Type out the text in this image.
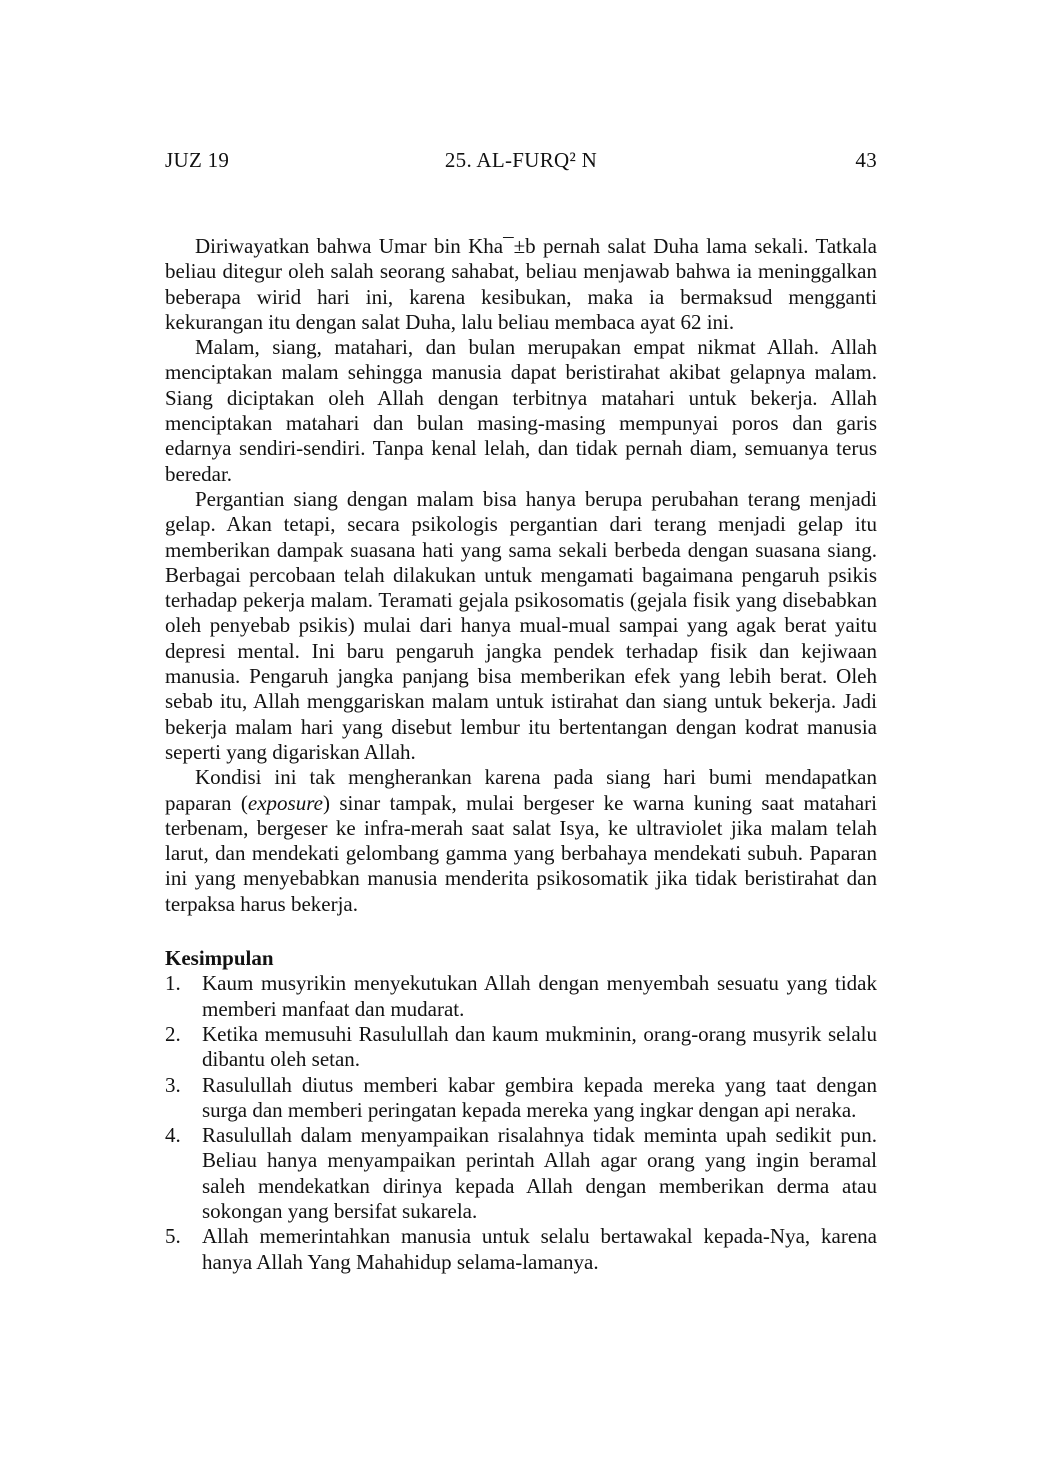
JUZ 19	25. AL-FURQ² N	43

Diriwayatkan bahwa Umar bin Kha¯±b pernah salat Duha lama sekali. Tatkala beliau ditegur oleh salah seorang sahabat, beliau menjawab bahwa ia meninggalkan beberapa wirid hari ini, karena kesibukan, maka ia bermaksud mengganti kekurangan itu dengan salat Duha, lalu beliau membaca ayat 62 ini.

Malam, siang, matahari, dan bulan merupakan empat nikmat Allah. Allah menciptakan malam sehingga manusia dapat beristirahat akibat gelapnya malam. Siang diciptakan oleh Allah dengan terbitnya matahari untuk bekerja. Allah menciptakan matahari dan bulan masing-masing mempunyai poros dan garis edarnya sendiri-sendiri. Tanpa kenal lelah, dan tidak pernah diam, semuanya terus beredar.

Pergantian siang dengan malam bisa hanya berupa perubahan terang menjadi gelap. Akan tetapi, secara psikologis pergantian dari terang menjadi gelap itu memberikan dampak suasana hati yang sama sekali berbeda dengan suasana siang. Berbagai percobaan telah dilakukan untuk mengamati bagaimana pengaruh psikis terhadap pekerja malam. Teramati gejala psikosomatis (gejala fisik yang disebabkan oleh penyebab psikis) mulai dari hanya mual-mual sampai yang agak berat yaitu depresi mental. Ini baru pengaruh jangka pendek terhadap fisik dan kejiwaan manusia. Pengaruh jangka panjang bisa memberikan efek yang lebih berat. Oleh sebab itu, Allah menggariskan malam untuk istirahat dan siang untuk bekerja. Jadi bekerja malam hari yang disebut lembur itu bertentangan dengan kodrat manusia seperti yang digariskan Allah.

Kondisi ini tak mengherankan karena pada siang hari bumi mendapatkan paparan (exposure) sinar tampak, mulai bergeser ke warna kuning saat matahari terbenam, bergeser ke infra-merah saat salat Isya, ke ultraviolet jika malam telah larut, dan mendekati gelombang gamma yang berbahaya mendekati subuh. Paparan ini yang menyebabkan manusia menderita psikosomatik jika tidak beristirahat dan terpaksa harus bekerja.

Kesimpulan
1. Kaum musyrikin menyekutukan Allah dengan menyembah sesuatu yang tidak memberi manfaat dan mudarat.
2. Ketika memusuhi Rasulullah dan kaum mukminin, orang-orang musyrik selalu dibantu oleh setan.
3. Rasulullah diutus memberi kabar gembira kepada mereka yang taat dengan surga dan memberi peringatan kepada mereka yang ingkar dengan api neraka.
4. Rasulullah dalam menyampaikan risalahnya tidak meminta upah sedikit pun. Beliau hanya menyampaikan perintah Allah agar orang yang ingin beramal saleh mendekatkan dirinya kepada Allah dengan memberikan derma atau sokongan yang bersifat sukarela.
5. Allah memerintahkan manusia untuk selalu bertawakal kepada-Nya, karena hanya Allah Yang Mahahidup selama-lamanya.
